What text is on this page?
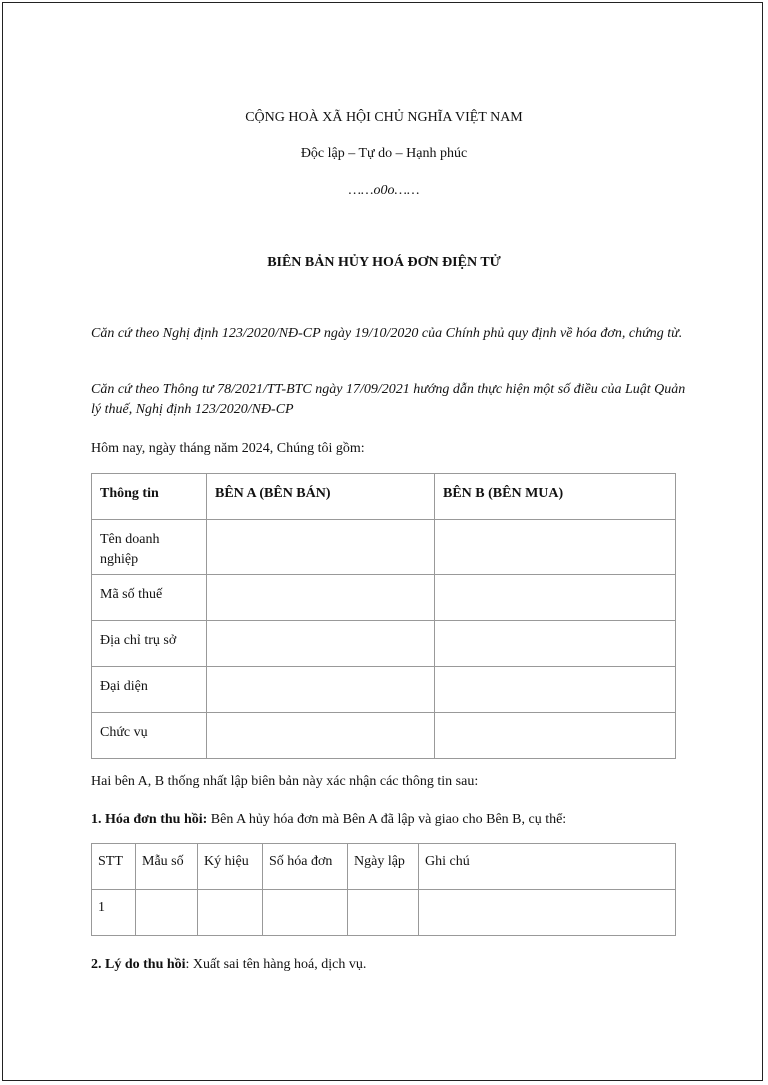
CỘNG HOÀ XÃ HỘI CHỦ NGHĨA VIỆT NAM
Độc lập – Tự do – Hạnh phúc
……o0o……
BIÊN BẢN HỦY HOÁ ĐƠN ĐIỆN TỬ
Căn cứ theo Nghị định 123/2020/NĐ-CP ngày 19/10/2020 của Chính phủ quy định về hóa đơn, chứng từ.
Căn cứ theo Thông tư 78/2021/TT-BTC ngày 17/09/2021 hướng dẫn thực hiện một số điều của Luật Quản lý thuế, Nghị định 123/2020/NĐ-CP
Hôm nay, ngày tháng năm 2024, Chúng tôi gồm:
Thông tin	BÊN A (BÊN BÁN)	BÊN B (BÊN MUA)
Tên doanh nghiệp		
Mã số thuế		
Địa chỉ trụ sở		
Đại diện		
Chức vụ		
Hai bên A, B thống nhất lập biên bản này xác nhận các thông tin sau:
1. Hóa đơn thu hồi: Bên A hủy hóa đơn mà Bên A đã lập và giao cho Bên B, cụ thể:
STT	Mẫu số	Ký hiệu	Số hóa đơn	Ngày lập	Ghi chú
1					
2. Lý do thu hồi: Xuất sai tên hàng hoá, dịch vụ.
